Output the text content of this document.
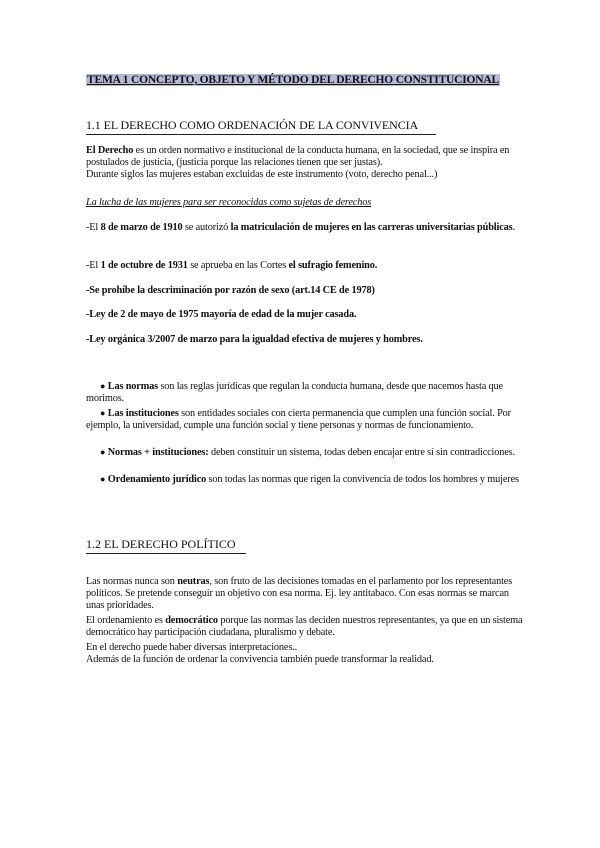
TEMA 1 CONCEPTO, OBJETO Y MÉTODO DEL DERECHO CONSTITUCIONAL
1.1 EL DERECHO COMO ORDENACIÓN DE LA CONVIVENCIA
El Derecho es un orden normativo e institucional de la conducta humana, en la sociedad, que se inspira en postulados de justicia, (justicia porque las relaciones tienen que ser justas).
Durante siglos las mujeres estaban excluidas de este instrumento (voto, derecho penal...)
La lucha de las mujeres para ser reconocidas como sujetas de derechos
-El 8 de marzo de 1910 se autorizó la matriculación de mujeres en las carreras universitarias públicas.
-El 1 de octubre de 1931 se aprueba en las Cortes el sufragio femenino.
-Se prohíbe la descriminación por razón de sexo (art.14 CE de 1978)
-Ley de 2 de mayo de 1975 mayoría de edad de la mujer casada.
-Ley orgánica 3/2007 de marzo para la igualdad efectiva de mujeres y hombres.
● Las normas son las reglas jurídicas que regulan la conducta humana, desde que nacemos hasta que morimos.
● Las instituciones son entidades sociales con cierta permanencia que cumplen una función social. Por ejemplo, la universidad, cumple una función social y tiene personas y normas de funcionamiento.
● Normas + instituciones: deben constituir un sistema, todas deben encajar entre sí sin contradicciones.
● Ordenamiento jurídico son todas las normas que rigen la convivencia de todos los hombres y mujeres
1.2 EL DERECHO POLÍTICO
Las normas nunca son neutras, son fruto de las decisiones tomadas en el parlamento por los representantes políticos. Se pretende conseguir un objetivo con esa norma. Ej. ley antitabaco. Con esas normas se marcan unas prioridades.
El ordenamiento es democrático porque las normas las deciden nuestros representantes, ya que en un sistema democrático hay participación ciudadana, pluralismo y debate.
En el derecho puede haber diversas interpretaciones..
Además de la función de ordenar la convivencia también puede transformar la realidad.
